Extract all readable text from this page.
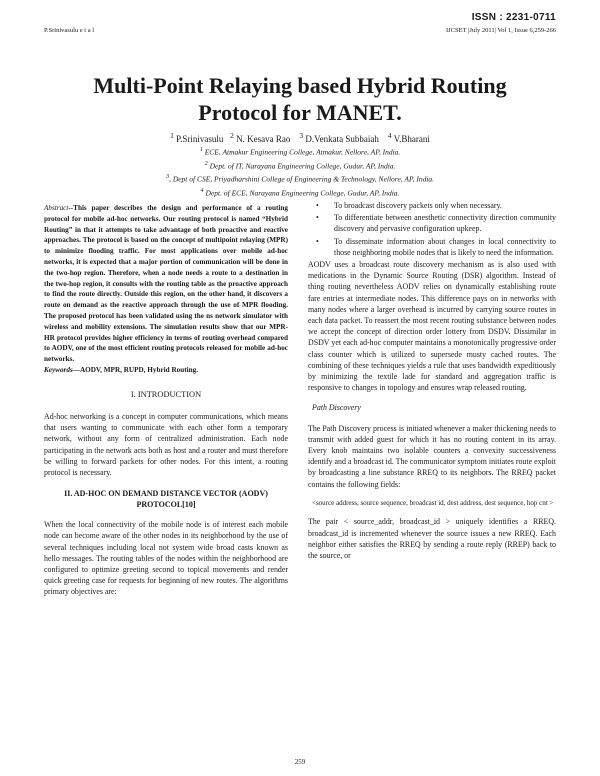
ISSN : 2231-0711
P.Srinivasulu e t a l	IJCSET |July 2011| Vol 1, Issue 6,259-266
Multi-Point Relaying based Hybrid Routing
Protocol for MANET.
$^1$ P.Srinivasulu $^2$ N. Kesava Rao $^3$ D.Venkata Subbaiah $^4$ V.Bharani
$^1$ ECE, Atmakur Engineering College, Atmakur, Nellore, AP, India.
$^2$ Dept. of IT, Narayana Engineering College, Gudur, AP, India.
$^3$, Dept of CSE, Priyadharshini College of Engineering & Technology, Nellore, AP, India.
$^4$ Dept. of ECE, Narayana Engineering College, Gudur, AP, India.

Abstract--This paper describes the design and performance of a routing protocol for mobile ad-hoc networks. Our routing protocol is named “Hybrid Routing” in that it attempts to take advantage of both proactive and reactive approaches. The protocol is based on the concept of multipoint relaying (MPR) to minimize flooding traffic. For most applications over mobile ad-hoc networks, it is expected that a major portion of communication will be done in the two-hop region. Therefore, when a node needs a route to a destination in the two-hop region, it consults with the routing table as the proactive approach to find the route directly. Outside this region, on the other hand, it discovers a route on demand as the reactive approach through the use of MPR flooding. The proposed protocol has been validated using the ns network simulator with wireless and mobility extensions. The simulation results show that our MPR-HR protocol provides higher efficiency in terms of routing overhead compared to AODV, one of the most efficient routing protocols released for mobile ad-hoc networks.

Keywords—AODV, MPR, RUPD, Hybrid Routing.

I. INTRODUCTION

Ad-hoc networking is a concept in computer communications, which means that users wanting to communicate with each other form a temporary network, without any form of centralized administration. Each node participating in the network acts both as host and a router and must therefore be willing to forward packets for other nodes. For this intent, a routing protocol is necessary.

II. AD-HOC ON DEMAND DISTANCE VECTOR (AODV)
PROTOCOL[10]

When the local connectivity of the mobile node is of interest each mobile node can become aware of the other nodes in its neighborhood by the use of several techniques including local not system wide broad casts known as hello messages. The routing tables of the nodes within the neighborhood are configured to optimize greeting second to topical movements and render quick greeting case for requests for beginning of new routes. The algorithms primary objectives are:

• To broadcast discovery packets only when necessary.
• To differentiate between anesthetic connectivity direction community discovery and pervasive configuration upkeep.
• To disseminate information about changes in local connectivity to those neighboring mobile nodes that is likely to need the information.

AODV uses a broadcast route discovery mechanism as is also used with medications in the Dynamic Source Routing (DSR) algorithm. Instead of thing routing nevertheless AODV relies on dynamically establishing route fare entries at intermediate nodes. This difference pays on in networks with many nodes where a larger overhead is incurred by carrying source routes in each data packet. To reassert the most recent routing substance between nodes we accept the concept of direction order lottery from DSDV. Dissimilar in DSDV yet each ad-hoc computer maintains a monotonically progressive order class counter which is utilized to supersede musty cached routes. The combining of these techniques yields a rule that uses bandwidth expeditiously by minimizing the textile lade for standard and aggregation traffic is responsive to changes in topology and ensures wrap released routing.

Path Discovery

The Path Discovery process is initiated whenever a maker thickening needs to transmit with added guest for which it has no routing content in its array. Every knob maintains two isolable counters a convexity successiveness identify and a broadcast id. The communicator symptom initiates route exploit by broadcasting a line substance RREQ to its neighbors. The RREQ packet contains the following fields:

<source address, source sequence, broadcast id, dest address, dest sequence, hop cnt >

The pair < source_addr, broadcast_id > uniquely identifies a RREQ. broadcast_id is incremented whenever the source issues a new RREQ. Each neighbor either satisfies the RREQ by sending a route reply (RREP) back to the source, or

259
